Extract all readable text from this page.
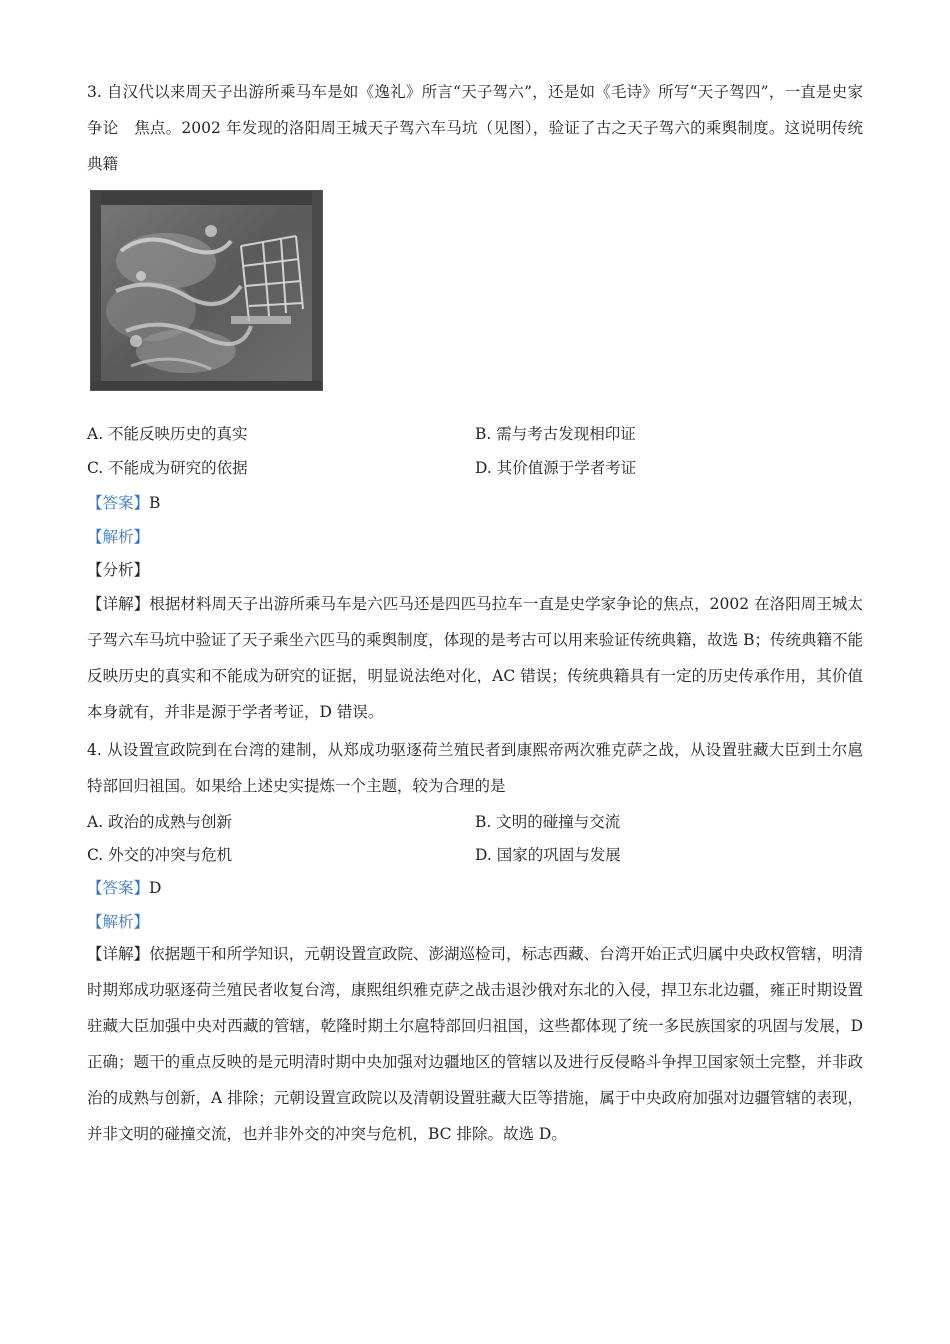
3. 自汉代以来周天子出游所乘马车是如《逸礼》所言“天子驾六”，还是如《毛诗》所写“天子驾四”，一直是史家争论　焦点。2002 年发现的洛阳周王城天子驾六车马坑（见图），验证了古之天子驾六的乘舆制度。这说明传统典籍

A. 不能反映历史的真实	B. 需与考古发现相印证
C. 不能成为研究的依据	D. 其价值源于学者考证
【答案】B
【解析】
【分析】

【详解】根据材料周天子出游所乘马车是六匹马还是四匹马拉车一直是史学家争论的焦点，2002 在洛阳周王城太子驾六车马坑中验证了天子乘坐六匹马的乘舆制度，体现的是考古可以用来验证传统典籍，故选 B；传统典籍不能反映历史的真实和不能成为研究的证据，明显说法绝对化，AC 错误；传统典籍具有一定的历史传承作用，其价值本身就有，并非是源于学者考证，D 错误。

4. 从设置宣政院到在台湾的建制，从郑成功驱逐荷兰殖民者到康熙帝两次雅克萨之战，从设置驻藏大臣到土尔扈特部回归祖国。如果给上述史实提炼一个主题，较为合理的是

A. 政治的成熟与创新	B. 文明的碰撞与交流
C. 外交的冲突与危机	D. 国家的巩固与发展
【答案】D
【解析】

【详解】依据题干和所学知识，元朝设置宣政院、澎湖巡检司，标志西藏、台湾开始正式归属中央政权管辖，明清时期郑成功驱逐荷兰殖民者收复台湾，康熙组织雅克萨之战击退沙俄对东北的入侵，捍卫东北边疆，雍正时期设置驻藏大臣加强中央对西藏的管辖，乾隆时期土尔扈特部回归祖国，这些都体现了统一多民族国家的巩固与发展，D 正确；题干的重点反映的是元明清时期中央加强对边疆地区的管辖以及进行反侵略斗争捍卫国家领土完整，并非政治的成熟与创新，A 排除；元朝设置宣政院以及清朝设置驻藏大臣等措施，属于中央政府加强对边疆管辖的表现，并非文明的碰撞交流，也并非外交的冲突与危机，BC 排除。故选 D。
